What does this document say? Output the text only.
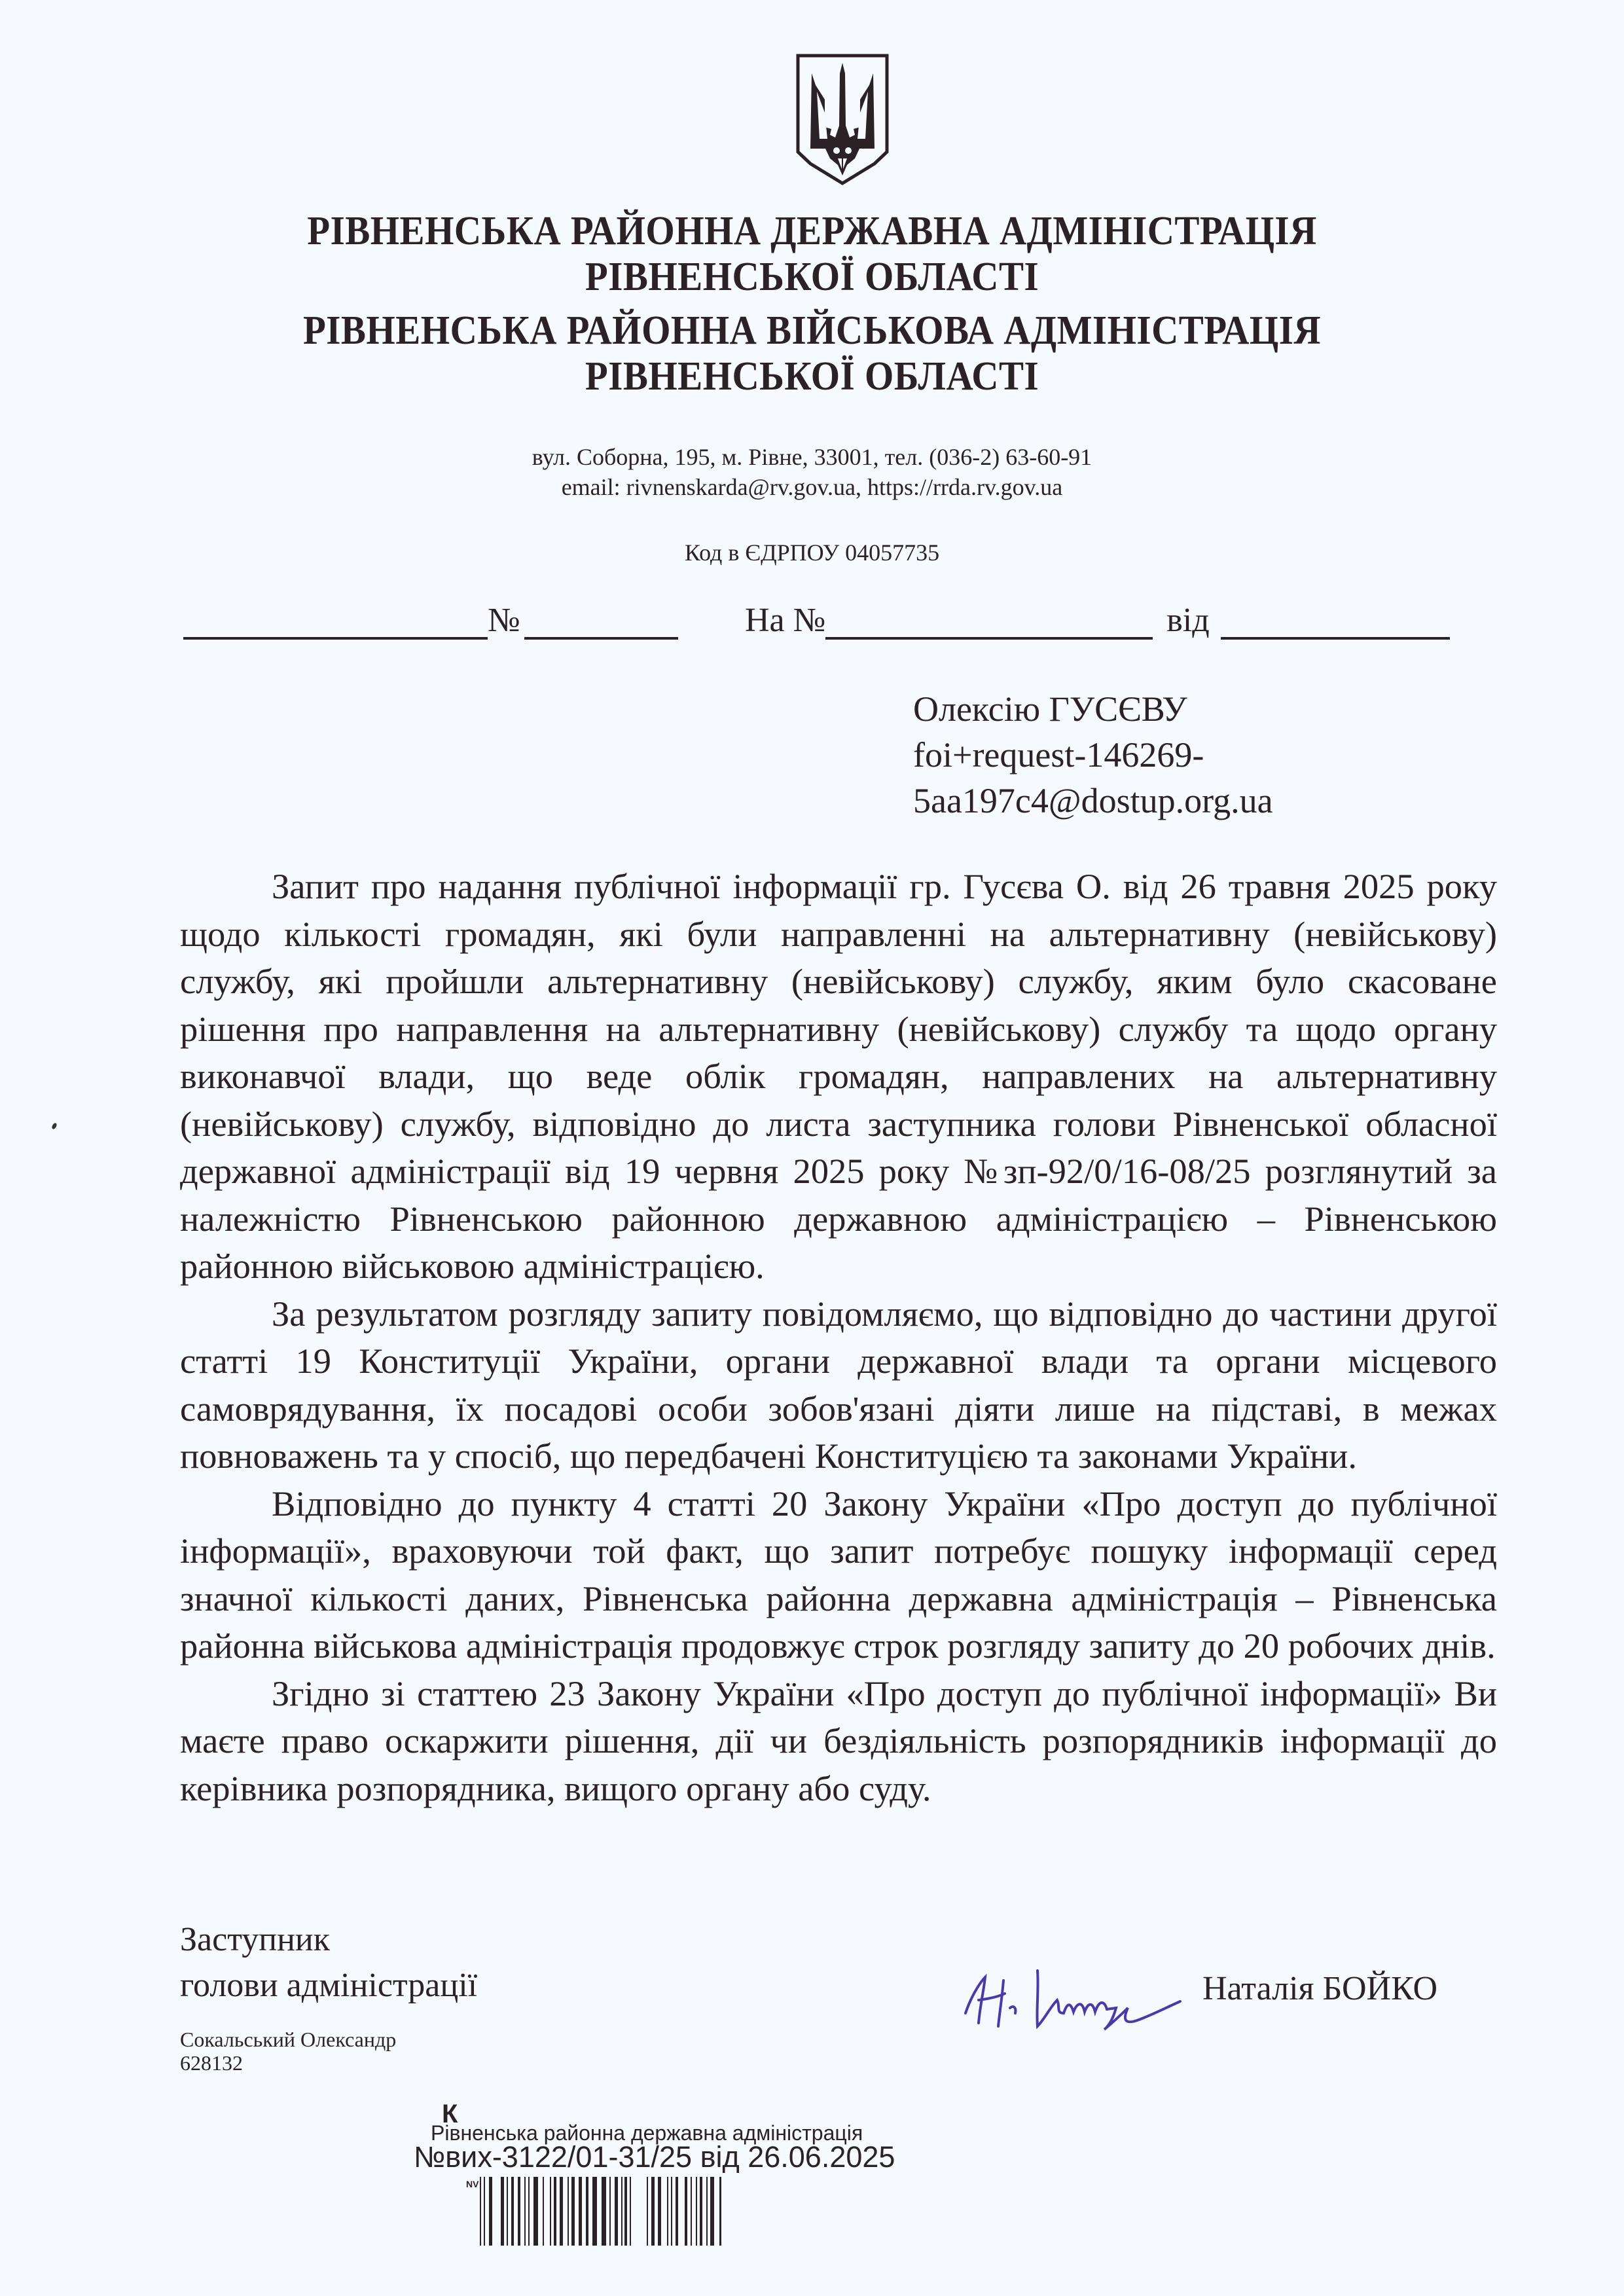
РІВНЕНСЬКА РАЙОННА ДЕРЖАВНА АДМІНІСТРАЦІЯ
РІВНЕНСЬКОЇ ОБЛАСТІ
РІВНЕНСЬКА РАЙОННА ВІЙСЬКОВА АДМІНІСТРАЦІЯ
РІВНЕНСЬКОЇ ОБЛАСТІ
вул. Соборна, 195, м. Рівне, 33001, тел. (036-2) 63-60-91
email: rivnenskarda@rv.gov.ua, https://rrda.rv.gov.ua
Код в ЄДРПОУ 04057735
№	На №	від
Олексію ГУСЄВУ
foi+request-146269-
5aa197c4@dostup.org.ua

Запит про надання публічної інформації гр. Гусєва О. від 26 травня 2025 року щодо кількості громадян, які були направленні на альтернативну (невійськову) службу, які пройшли альтернативну (невійськову) службу, яким було скасоване рішення про направлення на альтернативну (невійськову) службу та щодо органу виконавчої влади, що веде облік громадян, направлених на альтернативну (невійськову) службу, відповідно до листа заступника голови Рівненської обласної державної адміністрації від 19 червня 2025 року №зп-92/0/16-08/25 розглянутий за належністю Рівненською районною державною адміністрацією – Рівненською районною військовою адміністрацією.

За результатом розгляду запиту повідомляємо, що відповідно до частини другої статті 19 Конституції України, органи державної влади та органи місцевого самоврядування, їх посадові особи зобов'язані діяти лише на підставі, в межах повноважень та у спосіб, що передбачені Конституцією та законами України.

Відповідно до пункту 4 статті 20 Закону України «Про доступ до публічної інформації», враховуючи той факт, що запит потребує пошуку інформації серед значної кількості даних, Рівненська районна державна адміністрація – Рівненська районна військова адміністрація продовжує строк розгляду запиту до 20 робочих днів.

Згідно зі статтею 23 Закону України «Про доступ до публічної інформації» Ви маєте право оскаржити рішення, дії чи бездіяльність розпорядників інформації до керівника розпорядника, вищого органу або суду.

Заступник
голови адміністрації	Наталія БОЙКО
Сокальський Олександр
628132
К
Рівненська районна державна адміністрація
№вих-3122/01-31/25 від 26.06.2025
NV
